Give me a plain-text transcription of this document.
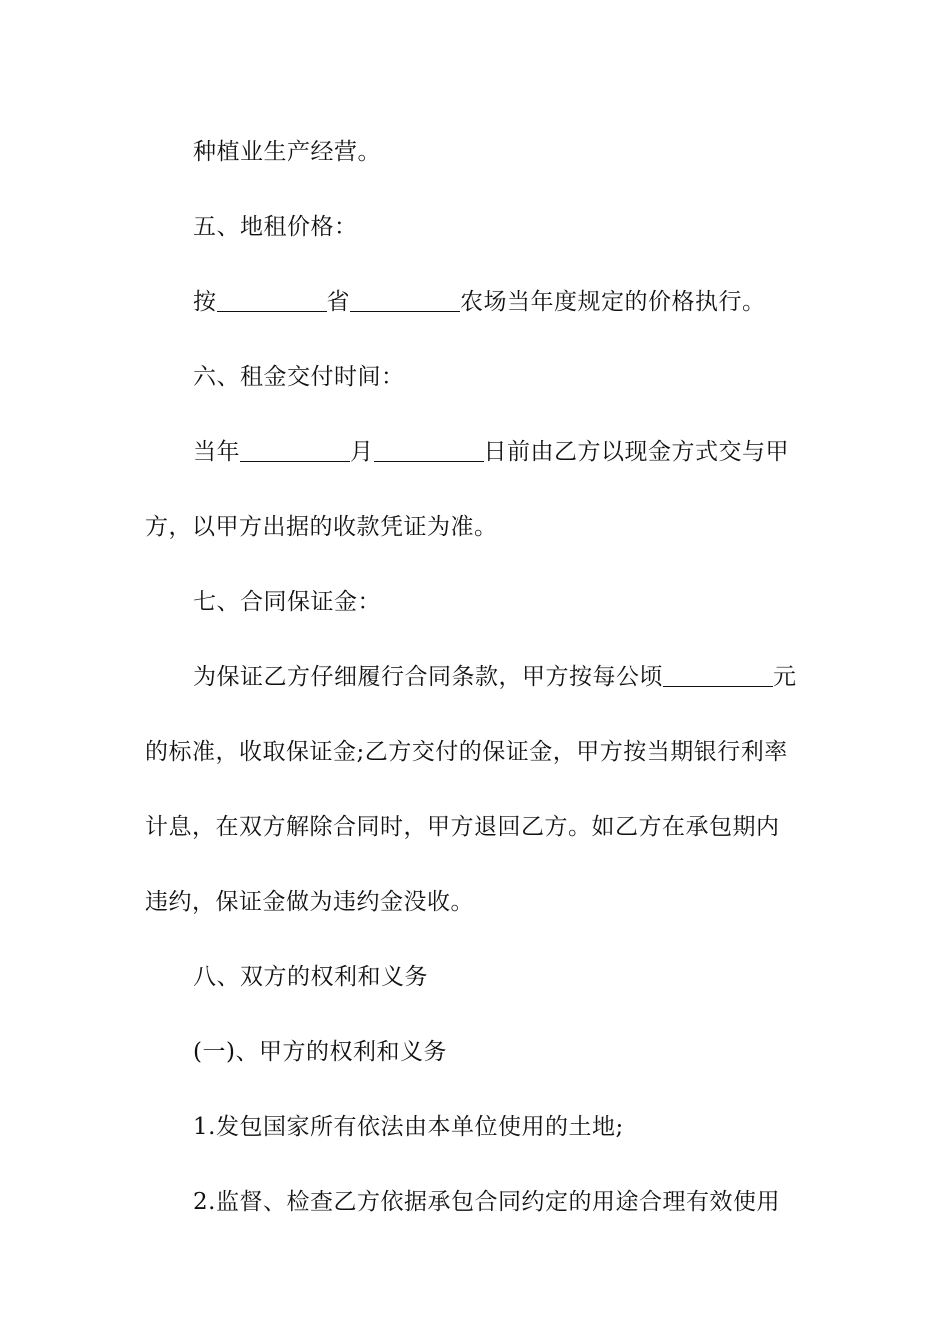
种植业生产经营。
五、地租价格：
按	省	农场当年度规定的价格执行。
六、租金交付时间：
当年	月	日前由乙方以现金方式交与甲
方，以甲方出据的收款凭证为准。
七、合同保证金：
为保证乙方仔细履行合同条款，甲方按每公顷	元
的标准，收取保证金;乙方交付的保证金，甲方按当期银行利率
计息，在双方解除合同时，甲方退回乙方。如乙方在承包期内
违约，保证金做为违约金没收。
八、双方的权利和义务
(一)、甲方的权利和义务
1.发包国家所有依法由本单位使用的土地;
2.监督、检查乙方依据承包合同约定的用途合理有效使用
